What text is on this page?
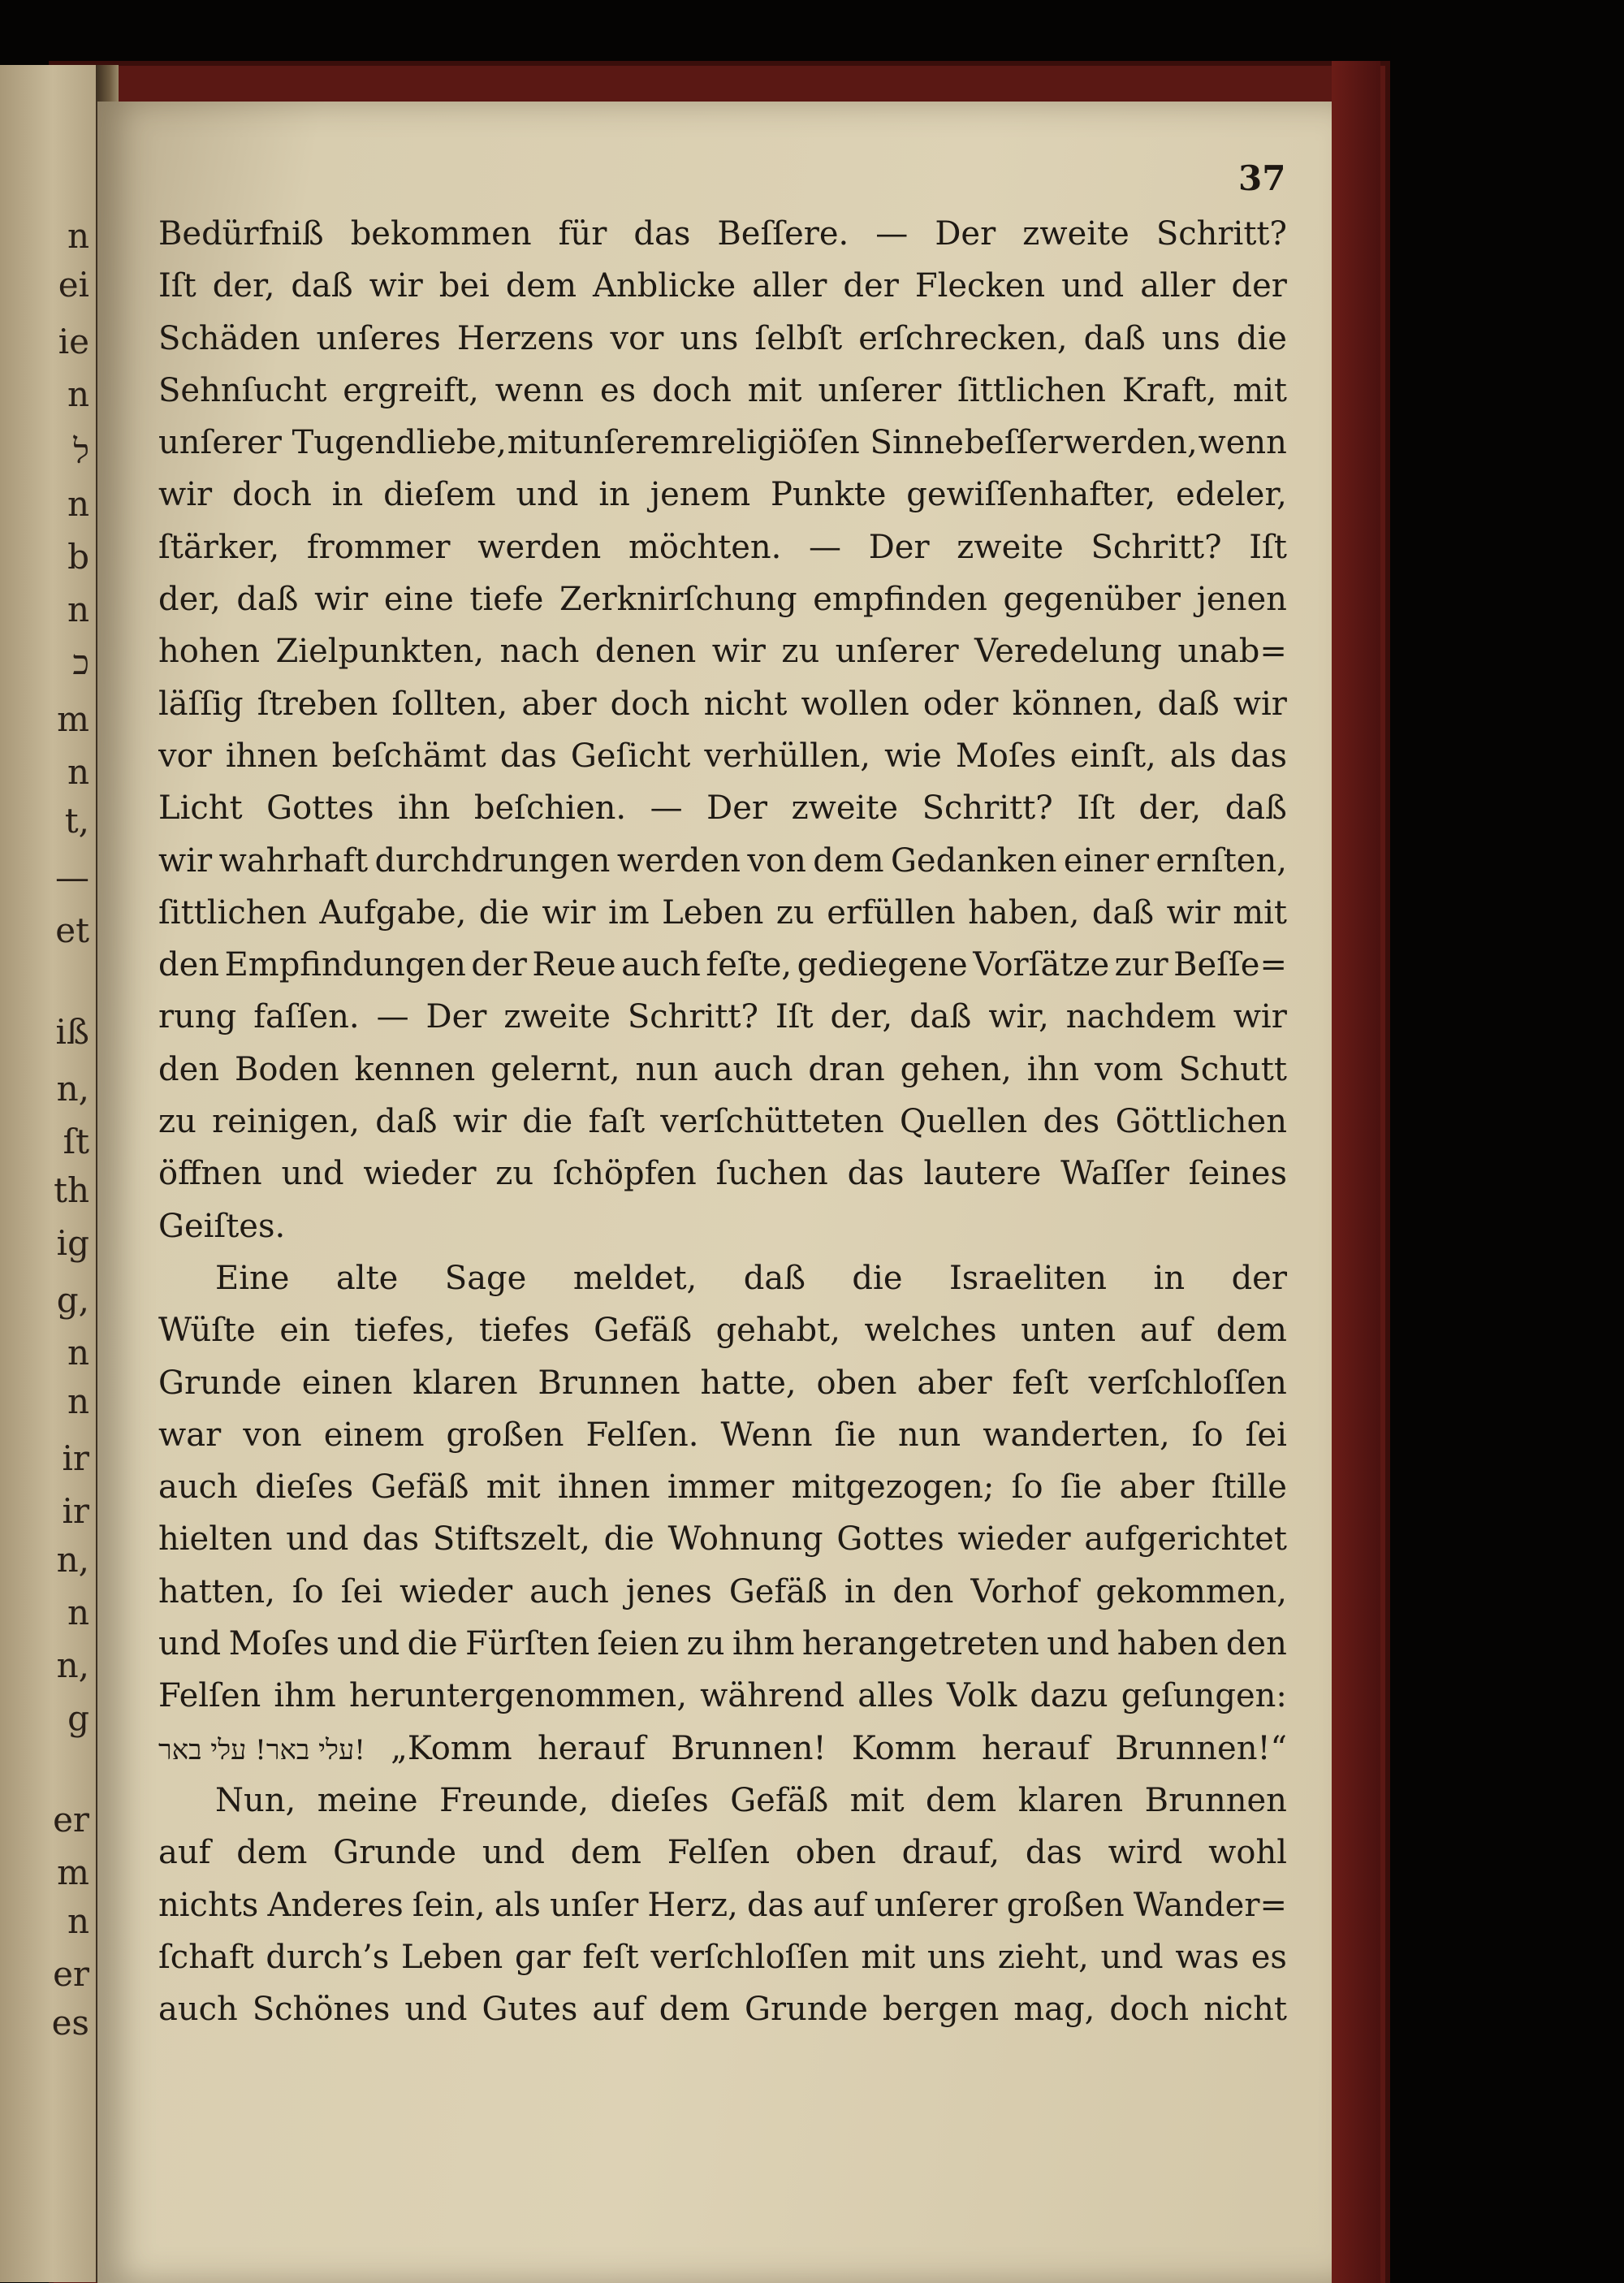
n
ei
ie
n
ל
n
b
n
כ
m
n
t,
—
et
iß
n,
ſt
th
ig
g,
n
n
ir
ir
n,
n
n,
g
er
m
n
er
es
37
Bedürfniß bekommen für das Beſſere. — Der zweite Schritt?
Iſt der, daß wir bei dem Anblicke aller der Flecken und aller der
Schäden unſeres Herzens vor uns ſelbſt erſchrecken, daß uns die
Sehnſucht ergreift, wenn es doch mit unſerer ſittlichen Kraft, mit
unſerer Tugendliebe, mit unſerem religiöſen Sinne beſſer werden, wenn
wir doch in dieſem und in jenem Punkte gewiſſenhafter, edeler,
ſtärker, frommer werden möchten. — Der zweite Schritt? Iſt
der, daß wir eine tiefe Zerknirſchung empfinden gegenüber jenen
hohen Zielpunkten, nach denen wir zu unſerer Veredelung unab=
läſſig ſtreben ſollten, aber doch nicht wollen oder können, daß wir
vor ihnen beſchämt das Geſicht verhüllen, wie Moſes einſt, als das
Licht Gottes ihn beſchien. — Der zweite Schritt? Iſt der, daß
wir wahrhaft durchdrungen werden von dem Gedanken einer ernſten,
ſittlichen Aufgabe, die wir im Leben zu erfüllen haben, daß wir mit
den Empfindungen der Reue auch feſte, gediegene Vorſätze zur Beſſe=
rung faſſen. — Der zweite Schritt? Iſt der, daß wir, nachdem wir
den Boden kennen gelernt, nun auch dran gehen, ihn vom Schutt
zu reinigen, daß wir die faſt verſchütteten Quellen des Göttlichen
öffnen und wieder zu ſchöpfen ſuchen das lautere Waſſer ſeines
Geiſtes.
Eine alte Sage meldet, daß die Israeliten in der
Wüſte ein tiefes, tiefes Gefäß gehabt, welches unten auf dem
Grunde einen klaren Brunnen hatte, oben aber feſt verſchloſſen
war von einem großen Felſen. Wenn ſie nun wanderten, ſo ſei
auch dieſes Gefäß mit ihnen immer mitgezogen; ſo ſie aber ſtille
hielten und das Stiftszelt, die Wohnung Gottes wieder aufgerichtet
hatten, ſo ſei wieder auch jenes Gefäß in den Vorhof gekommen,
und Moſes und die Fürſten ſeien zu ihm herangetreten und haben den
Felſen ihm heruntergenommen, während alles Volk dazu geſungen:
!עלי באר! עלי באר „Komm herauf Brunnen! Komm herauf Brunnen!“
Nun, meine Freunde, dieſes Gefäß mit dem klaren Brunnen
auf dem Grunde und dem Felſen oben drauf, das wird wohl
nichts Anderes ſein, als unſer Herz, das auf unſerer großen Wander=
ſchaft durch’s Leben gar feſt verſchloſſen mit uns zieht, und was es
auch Schönes und Gutes auf dem Grunde bergen mag, doch nicht
